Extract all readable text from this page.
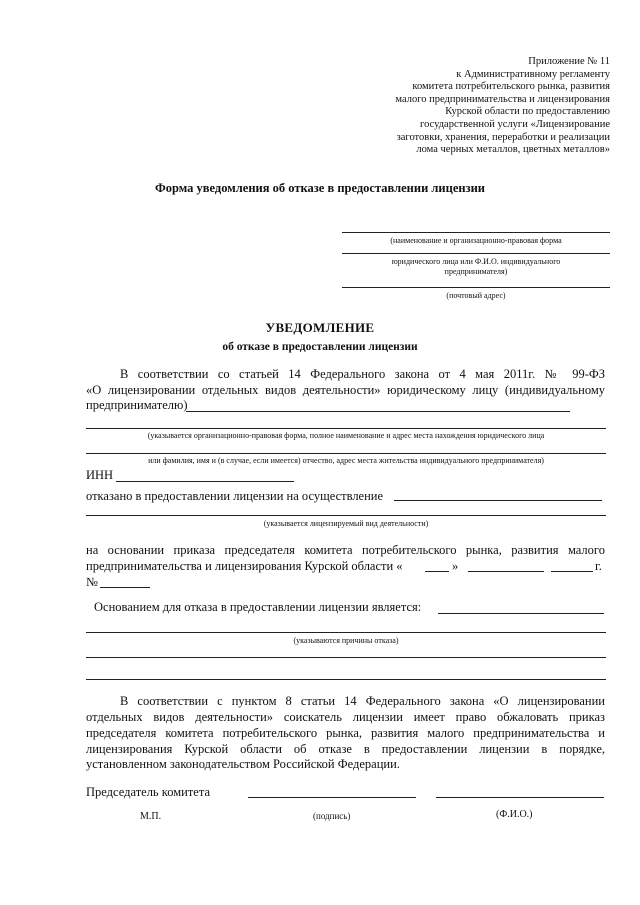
Приложение № 11
к Административному регламенту
комитета потребительского рынка, развития
малого предпринимательства и лицензирования
Курской области по предоставлению
государственной услуги «Лицензирование
заготовки, хранения, переработки и реализации
лома черных металлов, цветных металлов»
Форма уведомления об отказе в предоставлении лицензии
(наименование и организационно-правовая форма
юридического лица или Ф.И.О. индивидуального
предпринимателя)
(почтовый адрес)
УВЕДОМЛЕНИЕ
об отказе в предоставлении лицензии
В соответствии со статьей 14 Федерального закона от 4 мая 2011г. № 99-ФЗ
«О лицензировании отдельных видов деятельности» юридическому лицу (индивидуальному
предпринимателю)
(указывается организационно-правовая форма, полное наименование и адрес места нахождения юридического лица
или фамилия, имя и (в случае, если имеется) отчество, адрес места жительства индивидуального предпринимателя)
ИНН
отказано в предоставлении лицензии на осуществление
(указывается лицензируемый вид деятельности)
на основании приказа председателя комитета потребительского рынка, развития малого
предпринимательства и лицензирования Курской области «	»	г.
№
Основанием для отказа в предоставлении лицензии является:
(указываются причины отказа)
В соответствии с пунктом 8 статьи 14 Федерального закона «О лицензировании
отдельных видов деятельности» соискатель лицензии имеет право обжаловать приказ
председателя комитета потребительского рынка, развития малого предпринимательства и
лицензирования Курской области об отказе в предоставлении лицензии в порядке,
установленном законодательством Российской Федерации.
Председатель комитета
М.П.	(подпись)	(Ф.И.О.)
